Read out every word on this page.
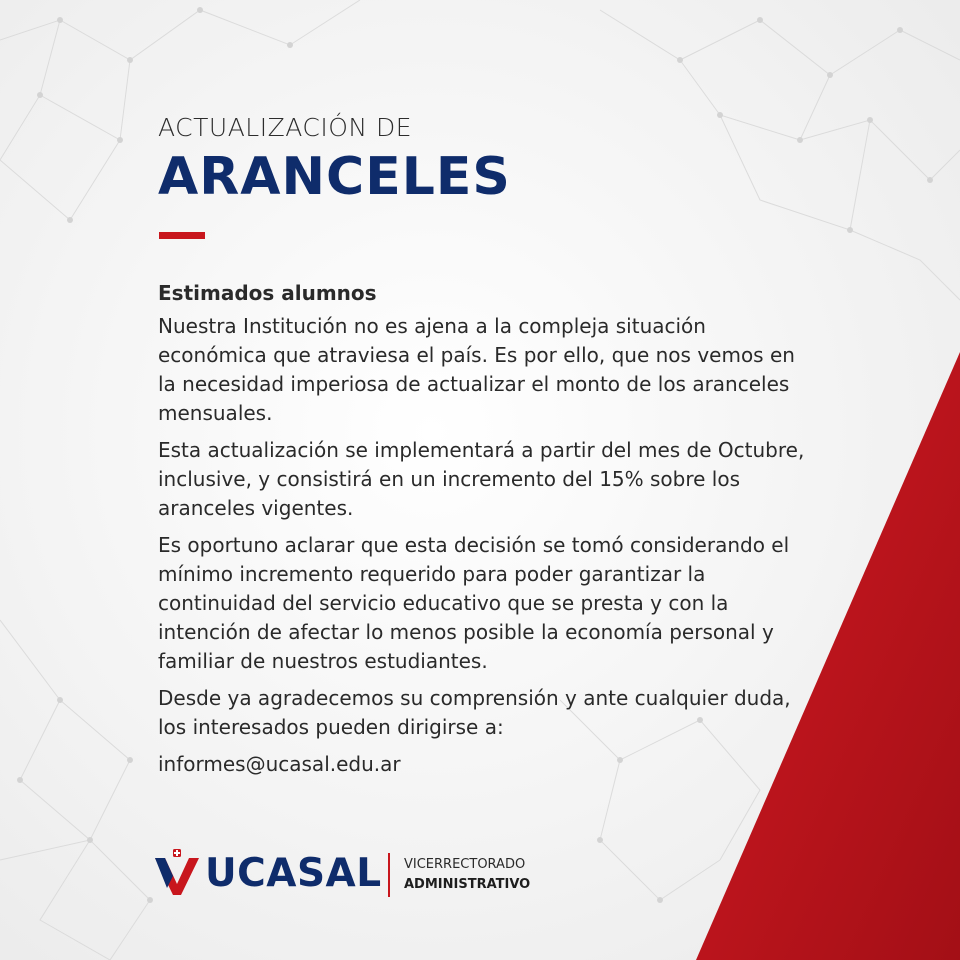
ACTUALIZACIÓN DE
ARANCELES
Estimados alumnos

Nuestra Institución no es ajena a la compleja situación económica que atraviesa el país. Es por ello, que nos vemos en la necesidad imperiosa de actualizar el monto de los aranceles mensuales.

Esta actualización se implementará a partir del mes de Octubre, inclusive, y consistirá en un incremento del 15% sobre los aranceles vigentes.

Es oportuno aclarar que esta decisión se tomó considerando el mínimo incremento requerido para poder garantizar la continuidad del servicio educativo que se presta y con la intención de afectar lo menos posible la economía personal y familiar de nuestros estudiantes.

Desde ya agradecemos su comprensión y ante cualquier duda, los interesados pueden dirigirse a:

informes@ucasal.edu.ar

UCASAL VICERRECTORADO
ADMINISTRATIVO
